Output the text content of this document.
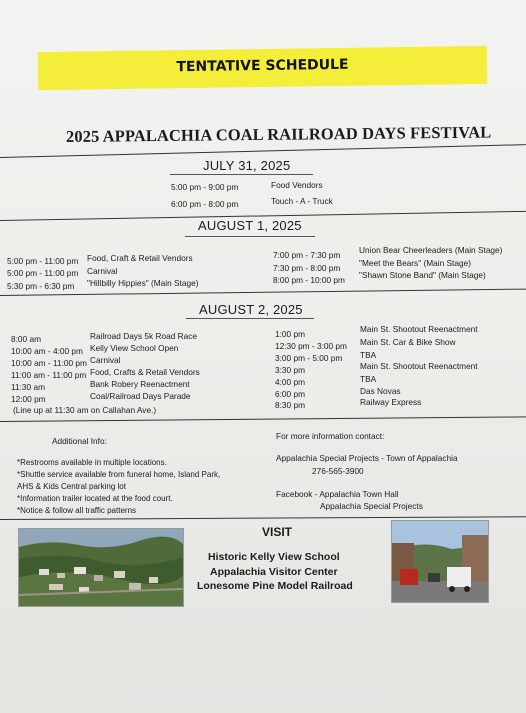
TENTATIVE SCHEDULE
2025 APPALACHIA COAL RAILROAD DAYS FESTIVAL
JULY 31, 2025
5:00 pm - 9:00 pm	Food Vendors
6:00 pm - 8:00 pm	Touch - A - Truck
AUGUST 1, 2025
5:00 pm - 11:00 pm Food, Craft & Retail Vendors
5:00 pm - 11:00 pm Carnival
5:30 pm - 6:30 pm "Hillbilly Hippies" (Main Stage)
7:00 pm - 7:30 pm Union Bear Cheerleaders (Main Stage)
7:30 pm - 8:00 pm "Meet the Bears" (Main Stage)
8:00 pm - 10:00 pm "Shawn Stone Band" (Main Stage)
AUGUST 2, 2025
8:00 am	Railroad Days 5k Road Race
10:00 am - 4:00 pm Kelly View School Open
10:00 am - 11:00 pm Carnival
11:00 am - 11:00 pm Food, Crafts & Retail Vendors
11:30 am	Bank Robery Reenactment
12:00 pm	Coal/Railroad Days Parade
(Line up at 11:30 am on Callahan Ave.)
1:00 pm	Main St. Shootout Reenactment
12:30 pm - 3:00 pm Main St. Car & Bike Show
3:00 pm - 5:00 pm TBA
3:30 pm	Main St. Shootout Reenactment
4:00 pm	TBA
6:00 pm	Das Novas
8:30 pm	Railway Express
Additional Info:
*Restrooms available in multiple locations.
*Shuttle service available from funeral home, Island Park,
AHS & Kids Central parking lot
*Information trailer located at the food court.
*Notice & follow all traffic patterns
For more information contact:
Appalachia Special Projects - Town of Appalachia
276-565-3900
Facebook - Appalachia Town Hall
Appalachia Special Projects
VISIT
Historic Kelly View School
Appalachia Visitor Center
Lonesome Pine Model Railroad
